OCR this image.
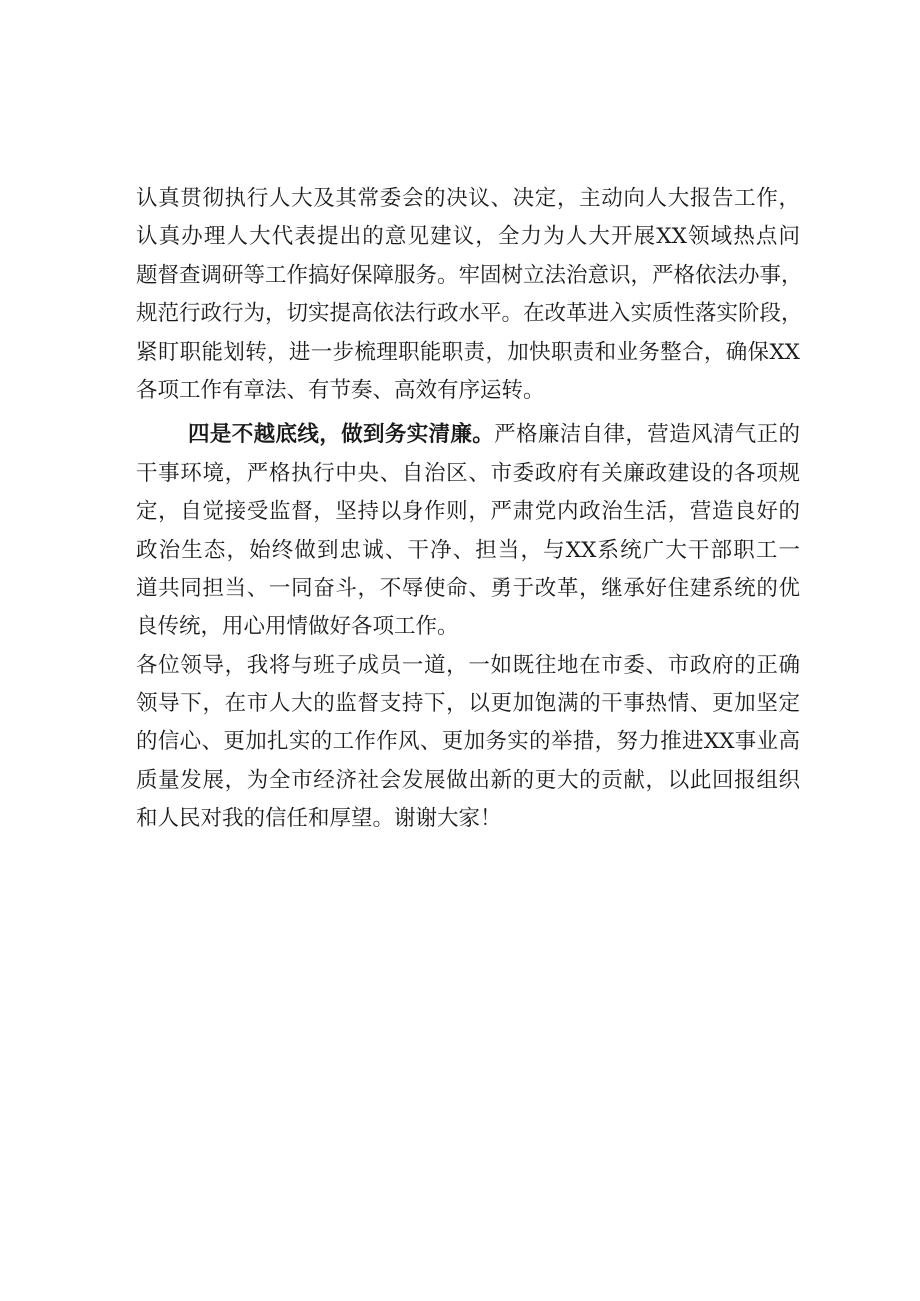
认真贯彻执行人大及其常委会的决议、决定，主动向人大报告工作，
认真办理人大代表提出的意见建议，全力为人大开展XX领域热点问
题督查调研等工作搞好保障服务。牢固树立法治意识，严格依法办事，
规范行政行为，切实提高依法行政水平。在改革进入实质性落实阶段，
紧盯职能划转，进一步梳理职能职责，加快职责和业务整合，确保XX
各项工作有章法、有节奏、高效有序运转。
四是不越底线，做到务实清廉。严格廉洁自律，营造风清气正的
干事环境，严格执行中央、自治区、市委政府有关廉政建设的各项规
定，自觉接受监督，坚持以身作则，严肃党内政治生活，营造良好的
政治生态，始终做到忠诚、干净、担当，与XX系统广大干部职工一
道共同担当、一同奋斗，不辱使命、勇于改革，继承好住建系统的优
良传统，用心用情做好各项工作。
各位领导，我将与班子成员一道，一如既往地在市委、市政府的正确
领导下，在市人大的监督支持下，以更加饱满的干事热情、更加坚定
的信心、更加扎实的工作作风、更加务实的举措，努力推进XX事业高
质量发展，为全市经济社会发展做出新的更大的贡献，以此回报组织
和人民对我的信任和厚望。谢谢大家！
